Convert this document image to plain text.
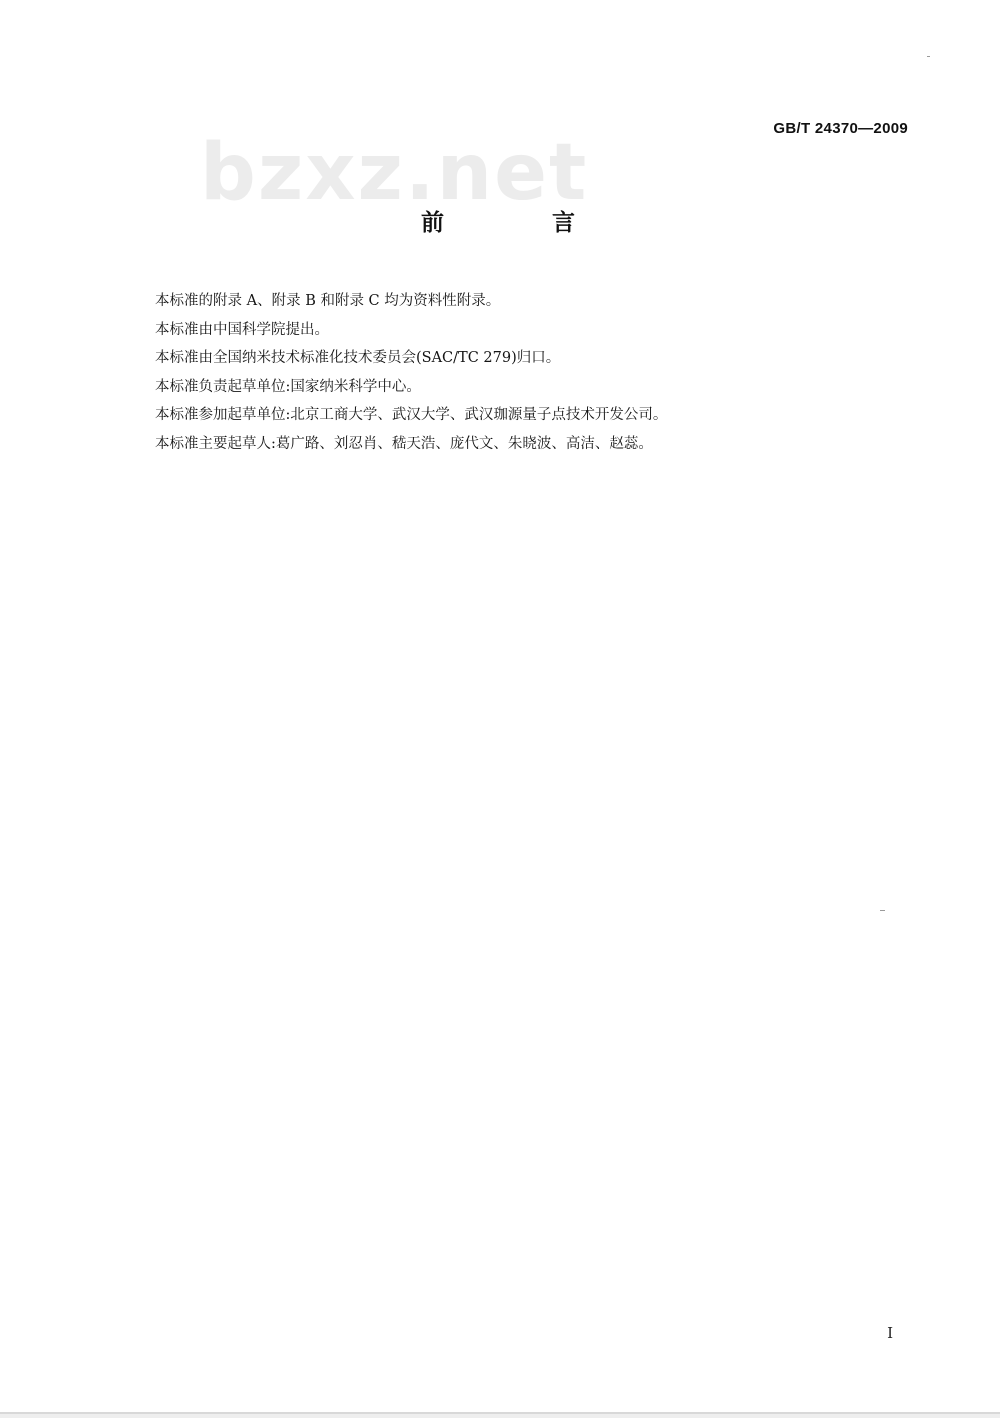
bzxz.net	GB/T 24370—2009
前 言
本标准的附录 A、附录 B 和附录 C 均为资料性附录。
本标准由中国科学院提出。
本标准由全国纳米技术标准化技术委员会(SAC/TC 279)归口。
本标准负责起草单位:国家纳米科学中心。
本标准参加起草单位:北京工商大学、武汉大学、武汉珈源量子点技术开发公司。
本标准主要起草人:葛广路、刘忍肖、嵇天浩、庞代文、朱晓波、高洁、赵蕊。
I
